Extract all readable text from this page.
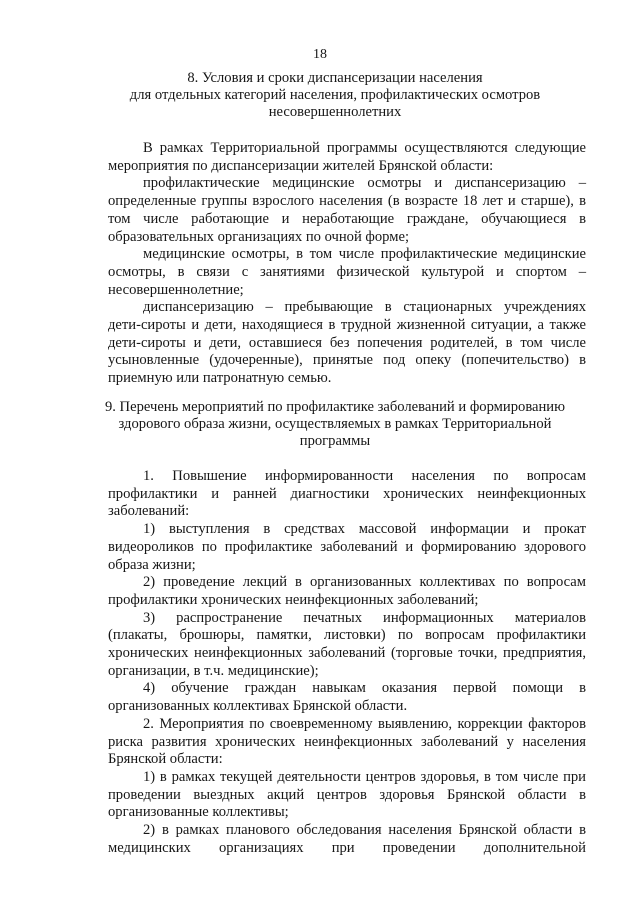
18
8. Условия и сроки диспансеризации населения
для отдельных категорий населения, профилактических осмотров
несовершеннолетних
В рамках Территориальной программы осуществляются следующие
мероприятия по диспансеризации жителей Брянской области:
профилактические медицинские осмотры и диспансеризацию –
определенные группы взрослого населения (в возрасте 18 лет и старше), в
том числе работающие и неработающие граждане, обучающиеся в
образовательных организациях по очной форме;
медицинские осмотры, в том числе профилактические медицинские
осмотры, в связи с занятиями физической культурой и спортом –
несовершеннолетние;
диспансеризацию – пребывающие в стационарных учреждениях
дети-сироты и дети, находящиеся в трудной жизненной ситуации, а также
дети-сироты и дети, оставшиеся без попечения родителей, в том числе
усыновленные (удочеренные), принятые под опеку (попечительство) в
приемную или патронатную семью.
9. Перечень мероприятий по профилактике заболеваний и формированию
здорового образа жизни, осуществляемых в рамках Территориальной
программы
1. Повышение информированности населения по вопросам
профилактики и ранней диагностики хронических неинфекционных
заболеваний:
1) выступления в средствах массовой информации и прокат
видеороликов по профилактике заболеваний и формированию здорового
образа жизни;
2) проведение лекций в организованных коллективах по вопросам
профилактики хронических неинфекционных заболеваний;
3) распространение печатных информационных материалов
(плакаты, брошюры, памятки, листовки) по вопросам профилактики
хронических неинфекционных заболеваний (торговые точки, предприятия,
организации, в т.ч. медицинские);
4) обучение граждан навыкам оказания первой помощи в
организованных коллективах Брянской области.
2. Мероприятия по своевременному выявлению, коррекции факторов
риска развития хронических неинфекционных заболеваний у населения
Брянской области:
1) в рамках текущей деятельности центров здоровья, в том числе при
проведении выездных акций центров здоровья Брянской области в
организованные коллективы;
2) в рамках планового обследования населения Брянской области в
медицинских организациях при проведении дополнительной
